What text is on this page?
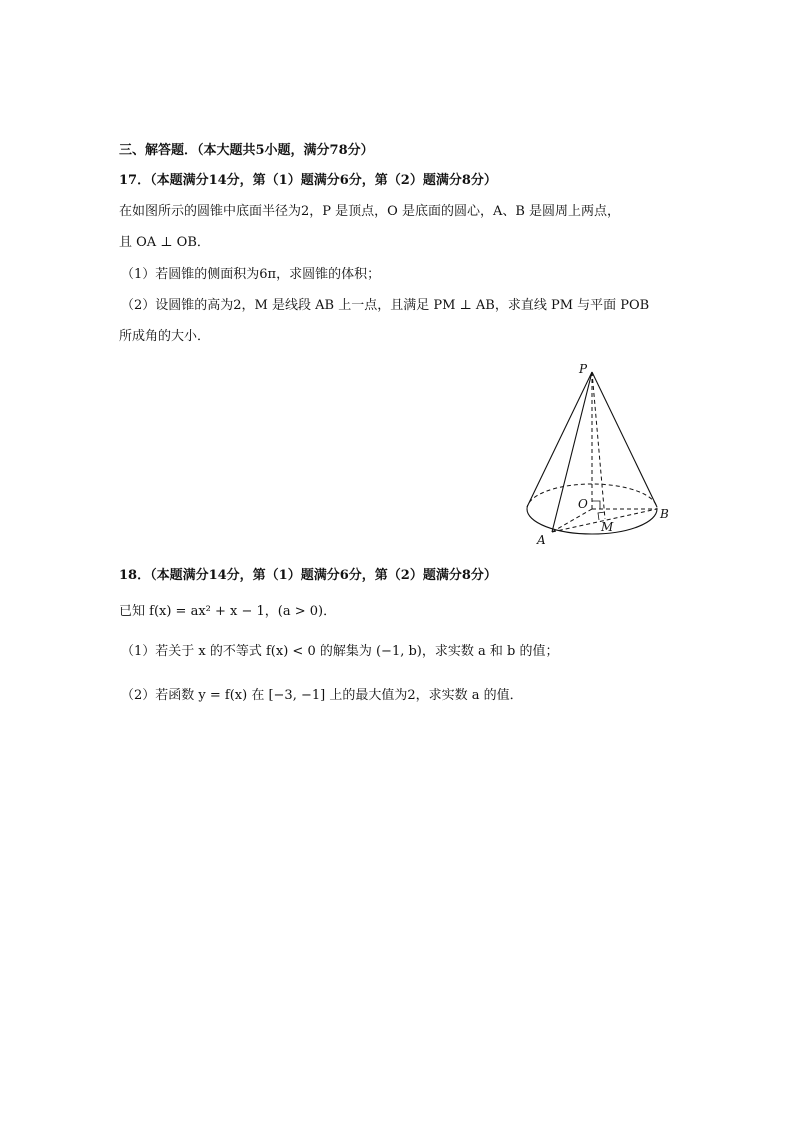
三、解答题．（本大题共5小题，满分78分）
17．（本题满分14分，第（1）题满分6分，第（2）题满分8分）
在如图所示的圆锥中底面半径为2，P 是顶点，O 是底面的圆心，A、B 是圆周上两点，
且 OA ⊥ OB．
（1）若圆锥的侧面积为6π，求圆锥的体积；
（2）设圆锥的高为2，M 是线段 AB 上一点，且满足 PM ⊥ AB，求直线 PM 与平面 POB
所成角的大小．
P
O
M
A
B
18．（本题满分14分，第（1）题满分6分，第（2）题满分8分）
已知 f(x) = ax² + x − 1，(a > 0)．
（1）若关于 x 的不等式 f(x) < 0 的解集为 (−1, b)，求实数 a 和 b 的值；
（2）若函数 y = f(x) 在 [−3, −1] 上的最大值为2，求实数 a 的值．
